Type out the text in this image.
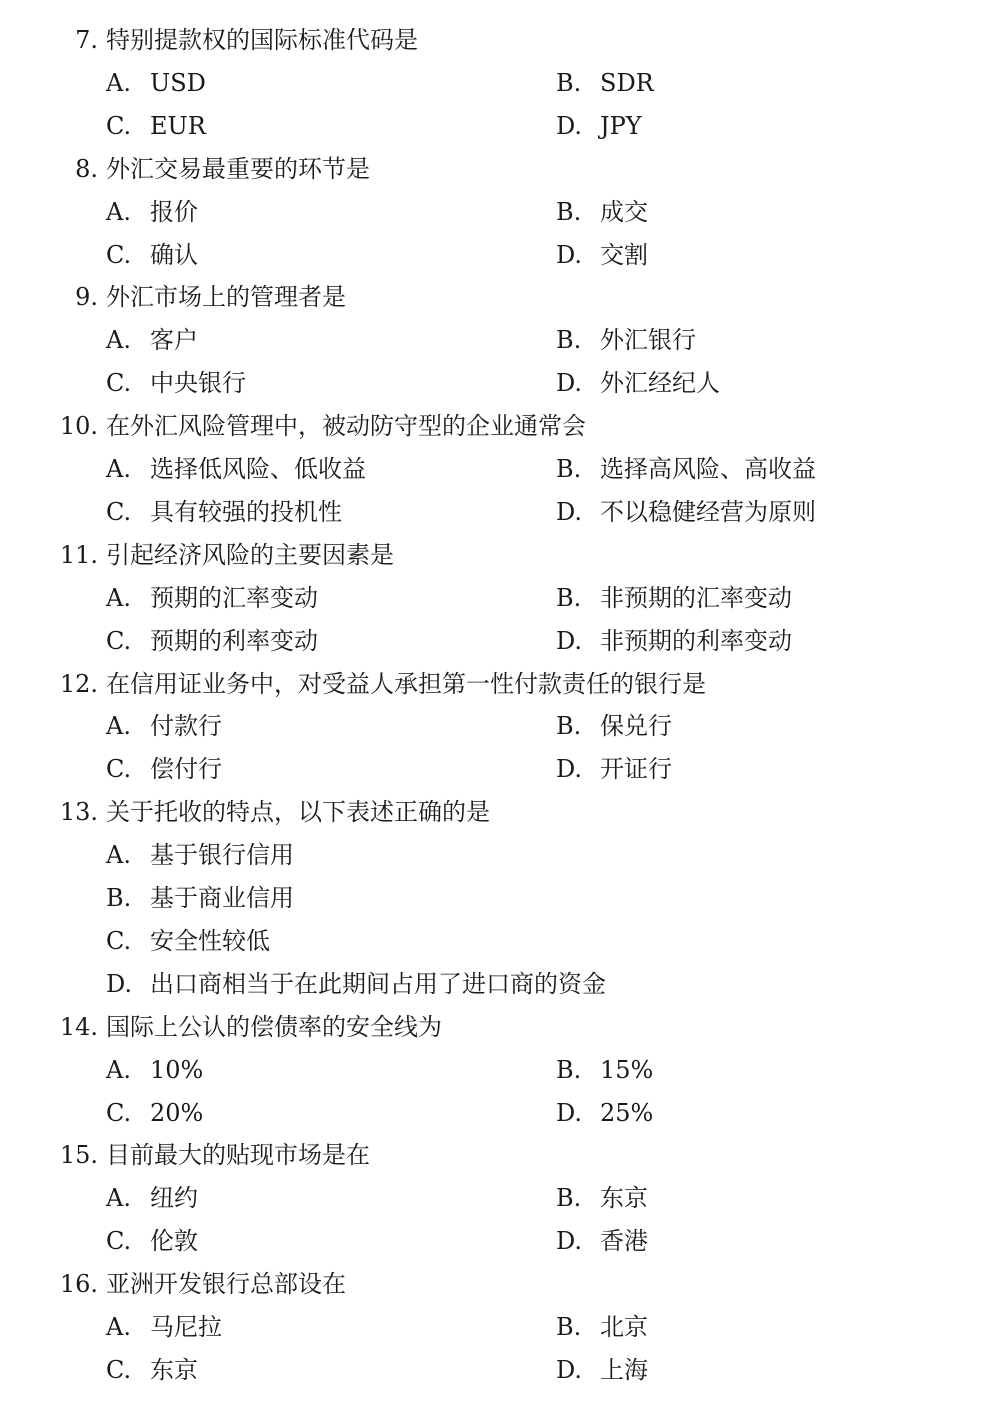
7. 特别提款权的国际标准代码是
A. USD	B. SDR
C. EUR	D. JPY
8. 外汇交易最重要的环节是
A. 报价	B. 成交
C. 确认	D. 交割
9. 外汇市场上的管理者是
A. 客户	B. 外汇银行
C. 中央银行	D. 外汇经纪人
10. 在外汇风险管理中，被动防守型的企业通常会
A. 选择低风险、低收益	B. 选择高风险、高收益
C. 具有较强的投机性	D. 不以稳健经营为原则
11. 引起经济风险的主要因素是
A. 预期的汇率变动	B. 非预期的汇率变动
C. 预期的利率变动	D. 非预期的利率变动
12. 在信用证业务中，对受益人承担第一性付款责任的银行是
A. 付款行	B. 保兑行
C. 偿付行	D. 开证行
13. 关于托收的特点，以下表述正确的是
A. 基于银行信用
B. 基于商业信用
C. 安全性较低
D. 出口商相当于在此期间占用了进口商的资金
14. 国际上公认的偿债率的安全线为
A. 10%	B. 15%
C. 20%	D. 25%
15. 目前最大的贴现市场是在
A. 纽约	B. 东京
C. 伦敦	D. 香港
16. 亚洲开发银行总部设在
A. 马尼拉	B. 北京
C. 东京	D. 上海
